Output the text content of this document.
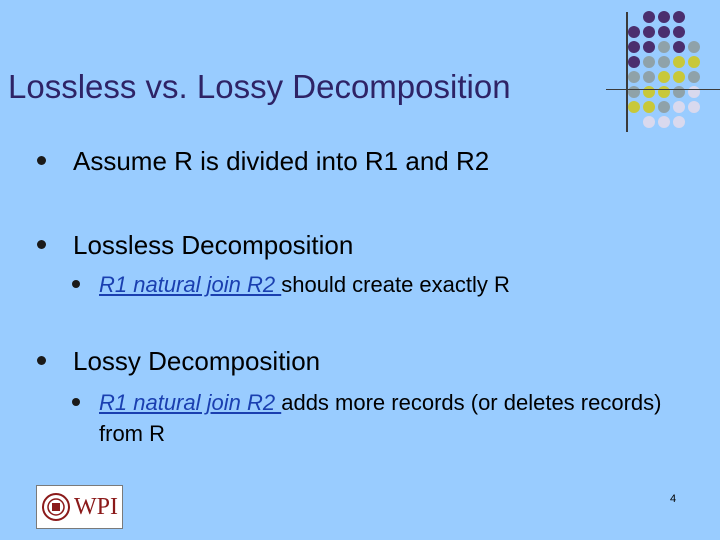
Lossless vs. Lossy Decomposition
Assume R is divided into R1 and R2
Lossless Decomposition
R1 natural join R2 should create exactly R
Lossy Decomposition
R1 natural join R2 adds more records (or deletes records) from R
WPI	4
